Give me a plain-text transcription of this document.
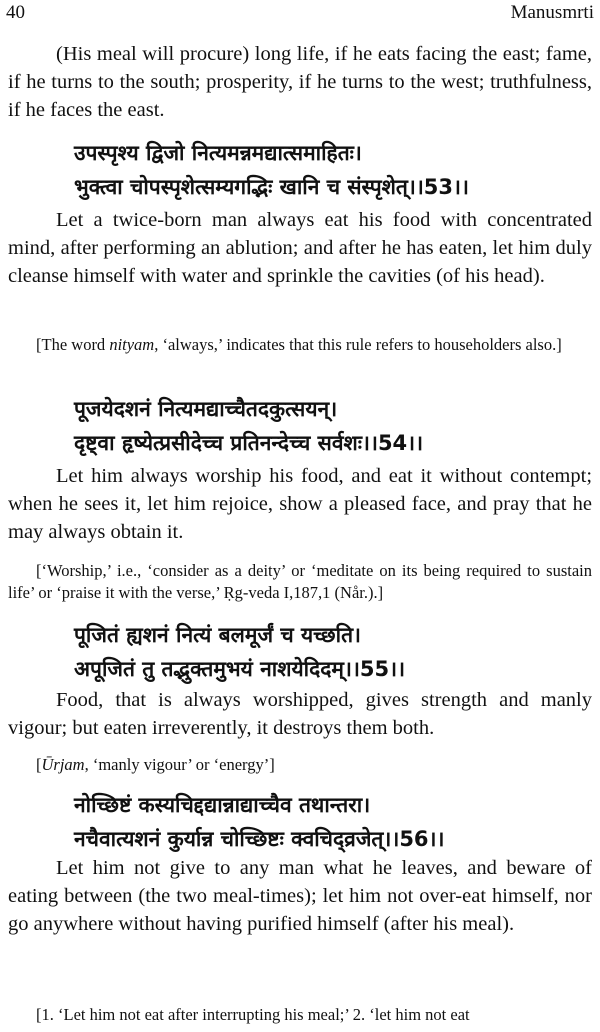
40	Manusmrti
(His meal will procure) long life, if he eats facing the east; fame, if he turns to the south; prosperity, if he turns to the west; truthfulness, if he faces the east.
उपस्पृश्य द्विजो नित्यमन्नमद्यात्समाहितः।
भुक्त्वा चोपस्पृशेत्सम्यगद्भिः खानि च संस्पृशेत्।।53।।
Let a twice-born man always eat his food with concentrated mind, after performing an ablution; and after he has eaten, let him duly cleanse himself with water and sprinkle the cavities (of his head).
[The word nityam, ‘always,’ indicates that this rule refers to householders also.]
पूजयेदशनं नित्यमद्याच्चैतदकुत्सयन्।
दृष्ट्वा हृष्येत्प्रसीदेच्च प्रतिनन्देच्च सर्वशः।।54।।
Let him always worship his food, and eat it without contempt; when he sees it, let him rejoice, show a pleased face, and pray that he may always obtain it.
[‘Worship,’ i.e., ‘consider as a deity’ or ‘meditate on its being required to sustain life’ or ‘praise it with the verse,’ Ṛg-veda I,187,1 (Når.).]
पूजितं ह्यशनं नित्यं बलमूर्जं च यच्छति।
अपूजितं तु तद्भुक्तमुभयं नाशयेदिदम्।।55।।
Food, that is always worshipped, gives strength and manly vigour; but eaten irreverently, it destroys them both.
[Ūrjam, ‘manly vigour’ or ‘energy’]
नोच्छिष्टं कस्यचिद्दद्यान्नाद्याच्चैव तथान्तरा।
नचैवात्यशनं कुर्यान्न चोच्छिष्टः क्वचिद्व्रजेत्।।56।।
Let him not give to any man what he leaves, and beware of eating between (the two meal-times); let him not over-eat himself, nor go anywhere without having purified himself (after his meal).
[1. ‘Let him not eat after interrupting his meal;’ 2. ‘let him not eat
